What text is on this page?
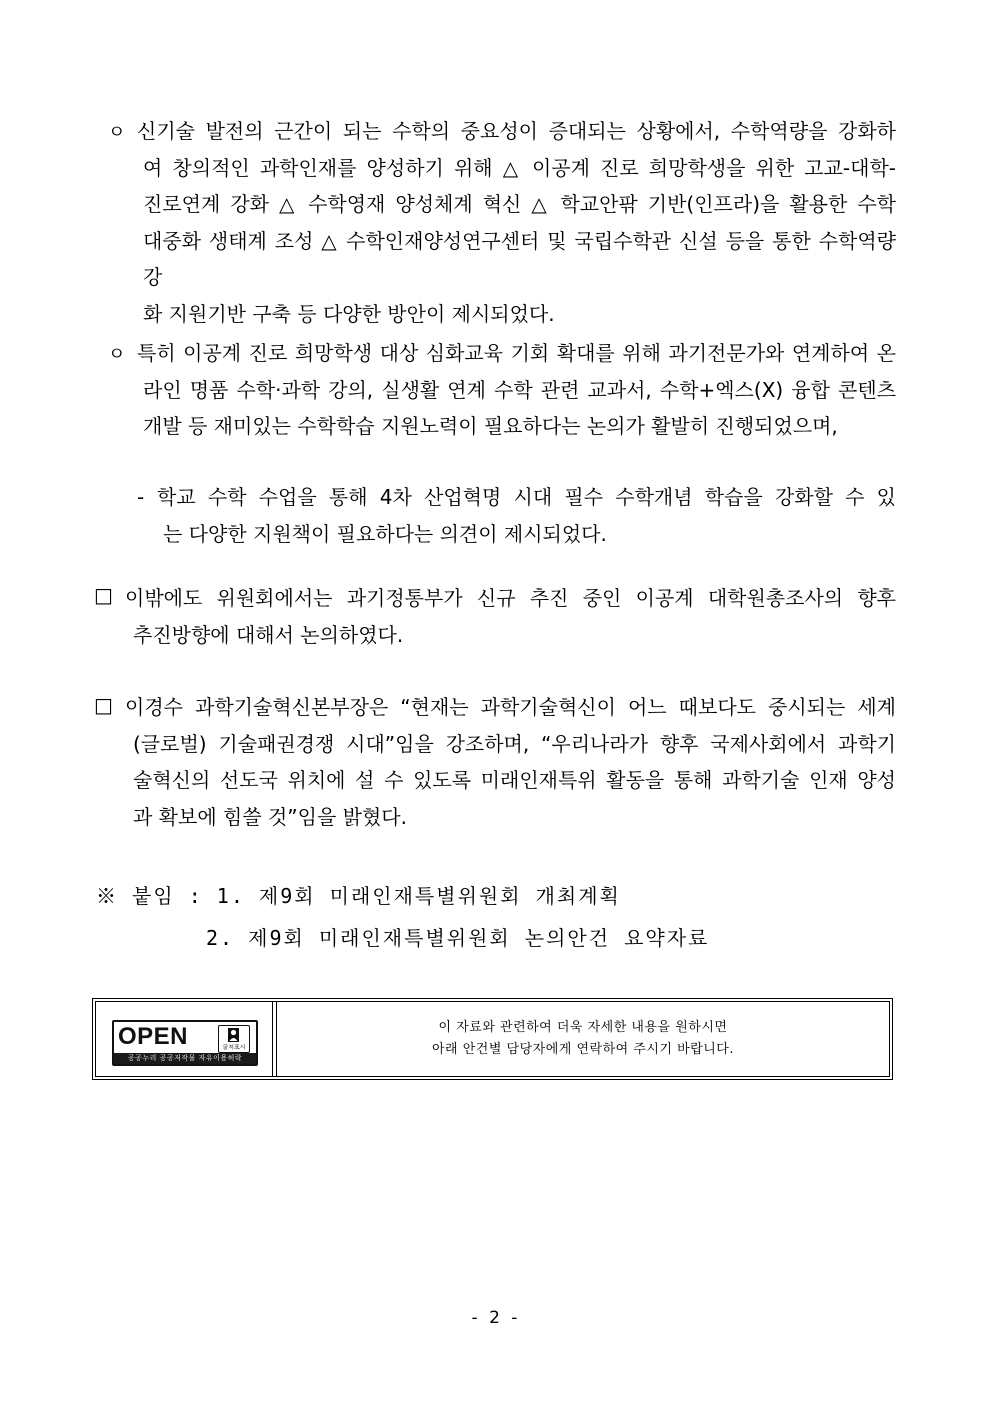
ㅇ 신기술 발전의 근간이 되는 수학의 중요성이 증대되는 상황에서, 수학역량을 강화하
여 창의적인 과학인재를 양성하기 위해 △ 이공계 진로 희망학생을 위한 고교-대학-
진로연계 강화 △ 수학영재 양성체계 혁신 △ 학교안팎 기반(인프라)을 활용한 수학
대중화 생태계 조성 △ 수학인재양성연구센터 및 국립수학관 신설 등을 통한 수학역량강
화 지원기반 구축 등 다양한 방안이 제시되었다.
ㅇ 특히 이공계 진로 희망학생 대상 심화교육 기회 확대를 위해 과기전문가와 연계하여 온
라인 명품 수학·과학 강의, 실생활 연계 수학 관련 교과서, 수학+엑스(X) 융합 콘텐츠
개발 등 재미있는 수학학습 지원노력이 필요하다는 논의가 활발히 진행되었으며,
- 학교 수학 수업을 통해 4차 산업혁명 시대 필수 수학개념 학습을 강화할 수 있
는 다양한 지원책이 필요하다는 의견이 제시되었다.
□ 이밖에도 위원회에서는 과기정통부가 신규 추진 중인 이공계 대학원총조사의 향후
추진방향에 대해서 논의하였다.
□ 이경수 과학기술혁신본부장은 “현재는 과학기술혁신이 어느 때보다도 중시되는 세계
(글로벌) 기술패권경쟁 시대”임을 강조하며, “우리나라가 향후 국제사회에서 과학기
술혁신의 선도국 위치에 설 수 있도록 미래인재특위 활동을 통해 과학기술 인재 양성
과 확보에 힘쓸 것”임을 밝혔다.
※ 붙임 : 1. 제9회 미래인재특별위원회 개최계획
2. 제9회 미래인재특별위원회 논의안건 요약자료
OPEN	출처표시
공공누리 공공저작물 자유이용허락
이 자료와 관련하여 더욱 자세한 내용을 원하시면
아래 안건별 담당자에게 연락하여 주시기 바랍니다.
- 2 -
